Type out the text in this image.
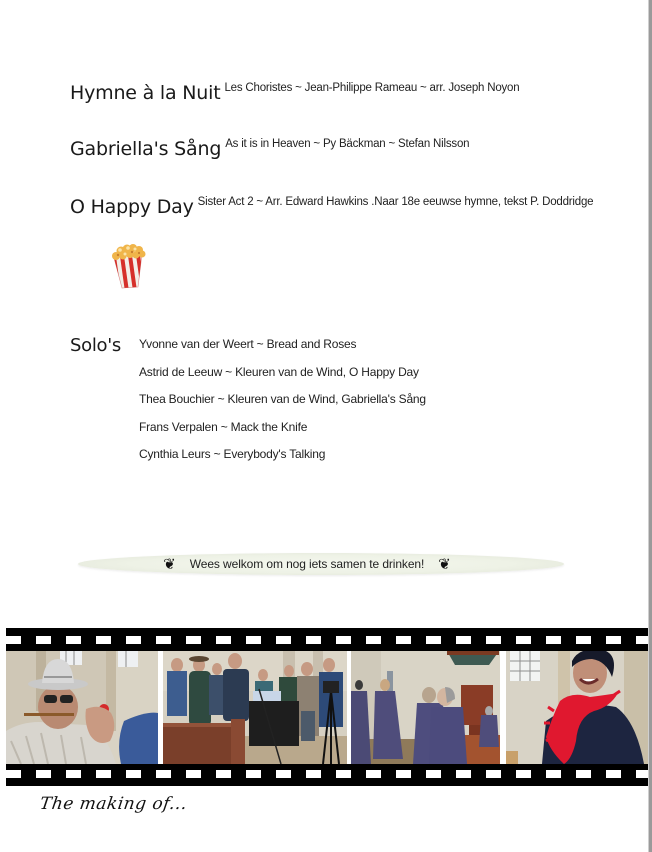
Hymne à la Nuit Les Choristes ~ Jean-Philippe Rameau ~ arr. Joseph Noyon
Gabriella's Sång As it is in Heaven ~ Py Bäckman ~ Stefan Nilsson
O Happy Day Sister Act 2 ~ Arr. Edward Hawkins .Naar 18e eeuwse hymne, tekst P. Doddridge
Solo's Yvonne van der Weert ~ Bread and Roses
Astrid de Leeuw ~ Kleuren van de Wind, O Happy Day
Thea Bouchier ~ Kleuren van de Wind, Gabriella's Sång
Frans Verpalen ~ Mack the Knife
Cynthia Leurs ~ Everybody's Talking
❦ Wees welkom om nog iets samen te drinken! ❦
The making of...
